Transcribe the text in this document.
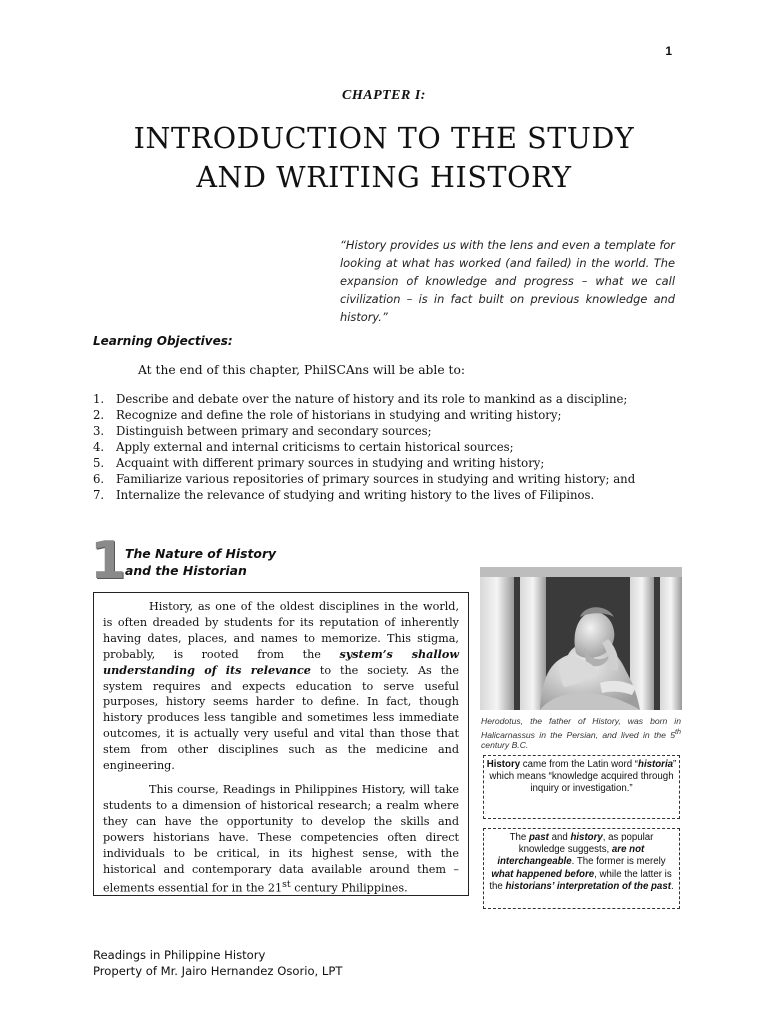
1
CHAPTER I:
INTRODUCTION TO THE STUDY
AND WRITING HISTORY
“History provides us with the lens and even a template for looking at what has worked (and failed) in the world. The expansion of knowledge and progress – what we call civilization – is in fact built on previous knowledge and history.”
Learning Objectives:
At the end of this chapter, PhilSCAns will be able to:
1.	Describe and debate over the nature of history and its role to mankind as a discipline;
2.	Recognize and define the role of historians in studying and writing history;
3.	Distinguish between primary and secondary sources;
4.	Apply external and internal criticisms to certain historical sources;
5.	Acquaint with different primary sources in studying and writing history;
6.	Familiarize various repositories of primary sources in studying and writing history; and
7.	Internalize the relevance of studying and writing history to the lives of Filipinos.
1
The Nature of History
and the Historian

History, as one of the oldest disciplines in the world, is often dreaded by students for its reputation of inherently having dates, places, and names to memorize. This stigma, probably, is rooted from the system’s shallow understanding of its relevance to the society. As the system requires and expects education to serve useful purposes, history seems harder to define. In fact, though history produces less tangible and sometimes less immediate outcomes, it is actually very useful and vital than those that stem from other disciplines such as the medicine and engineering.

This course, Readings in Philippines History, will take students to a dimension of historical research; a realm where they can have the opportunity to develop the skills and powers historians have. These competencies often direct individuals to be critical, in its highest sense, with the historical and contemporary data available around them – elements essential for in the 21st century Philippines.

Herodotus, the father of History, was born in Halicarnassus in the Persian, and lived in the 5th century B.C.
History came from the Latin word “historia” which means “knowledge acquired through inquiry or investigation.”
The past and history, as popular knowledge suggests, are not interchangeable. The former is merely what happened before, while the latter is the historians’ interpretation of the past.
Readings in Philippine History
Property of Mr. Jairo Hernandez Osorio, LPT
